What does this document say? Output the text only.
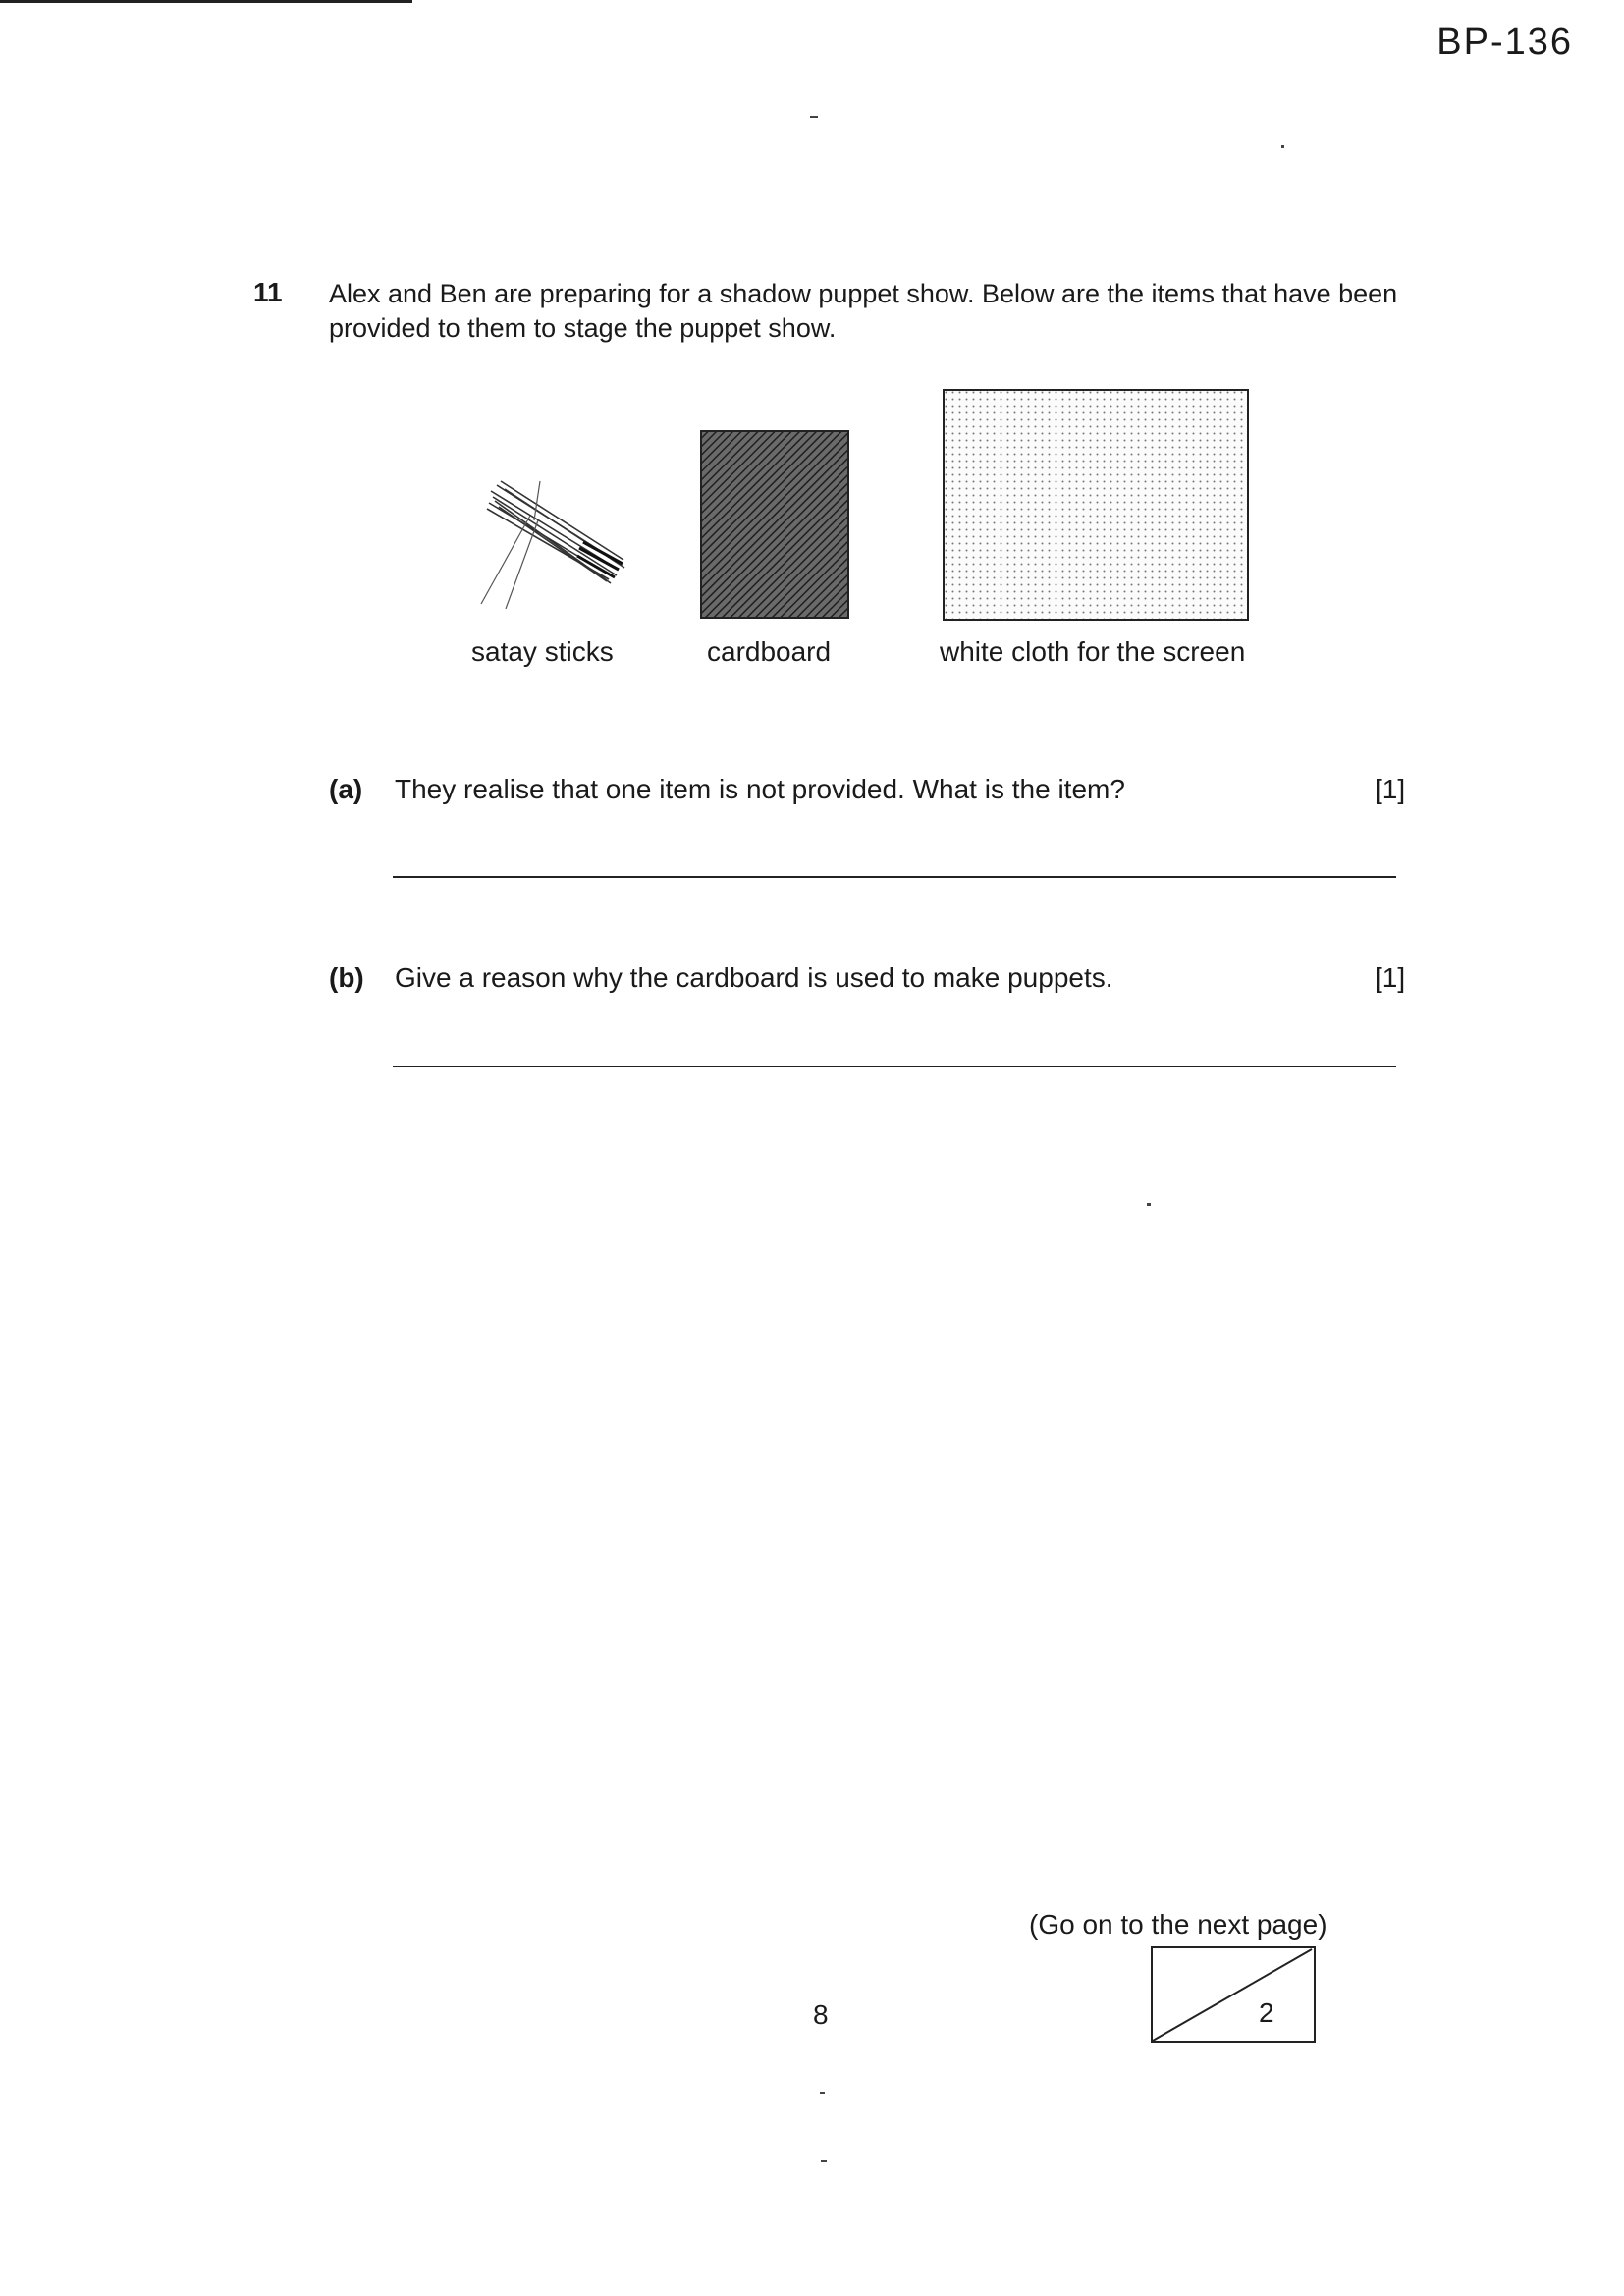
BP-136
11 Alex and Ben are preparing for a shadow puppet show. Below are the items that have been provided to them to stage the puppet show.
satay sticks	cardboard	white cloth for the screen
(a) They realise that one item is not provided. What is the item?	[1]
(b) Give a reason why the cardboard is used to make puppets.	[1]
(Go on to the next page)
8	2
